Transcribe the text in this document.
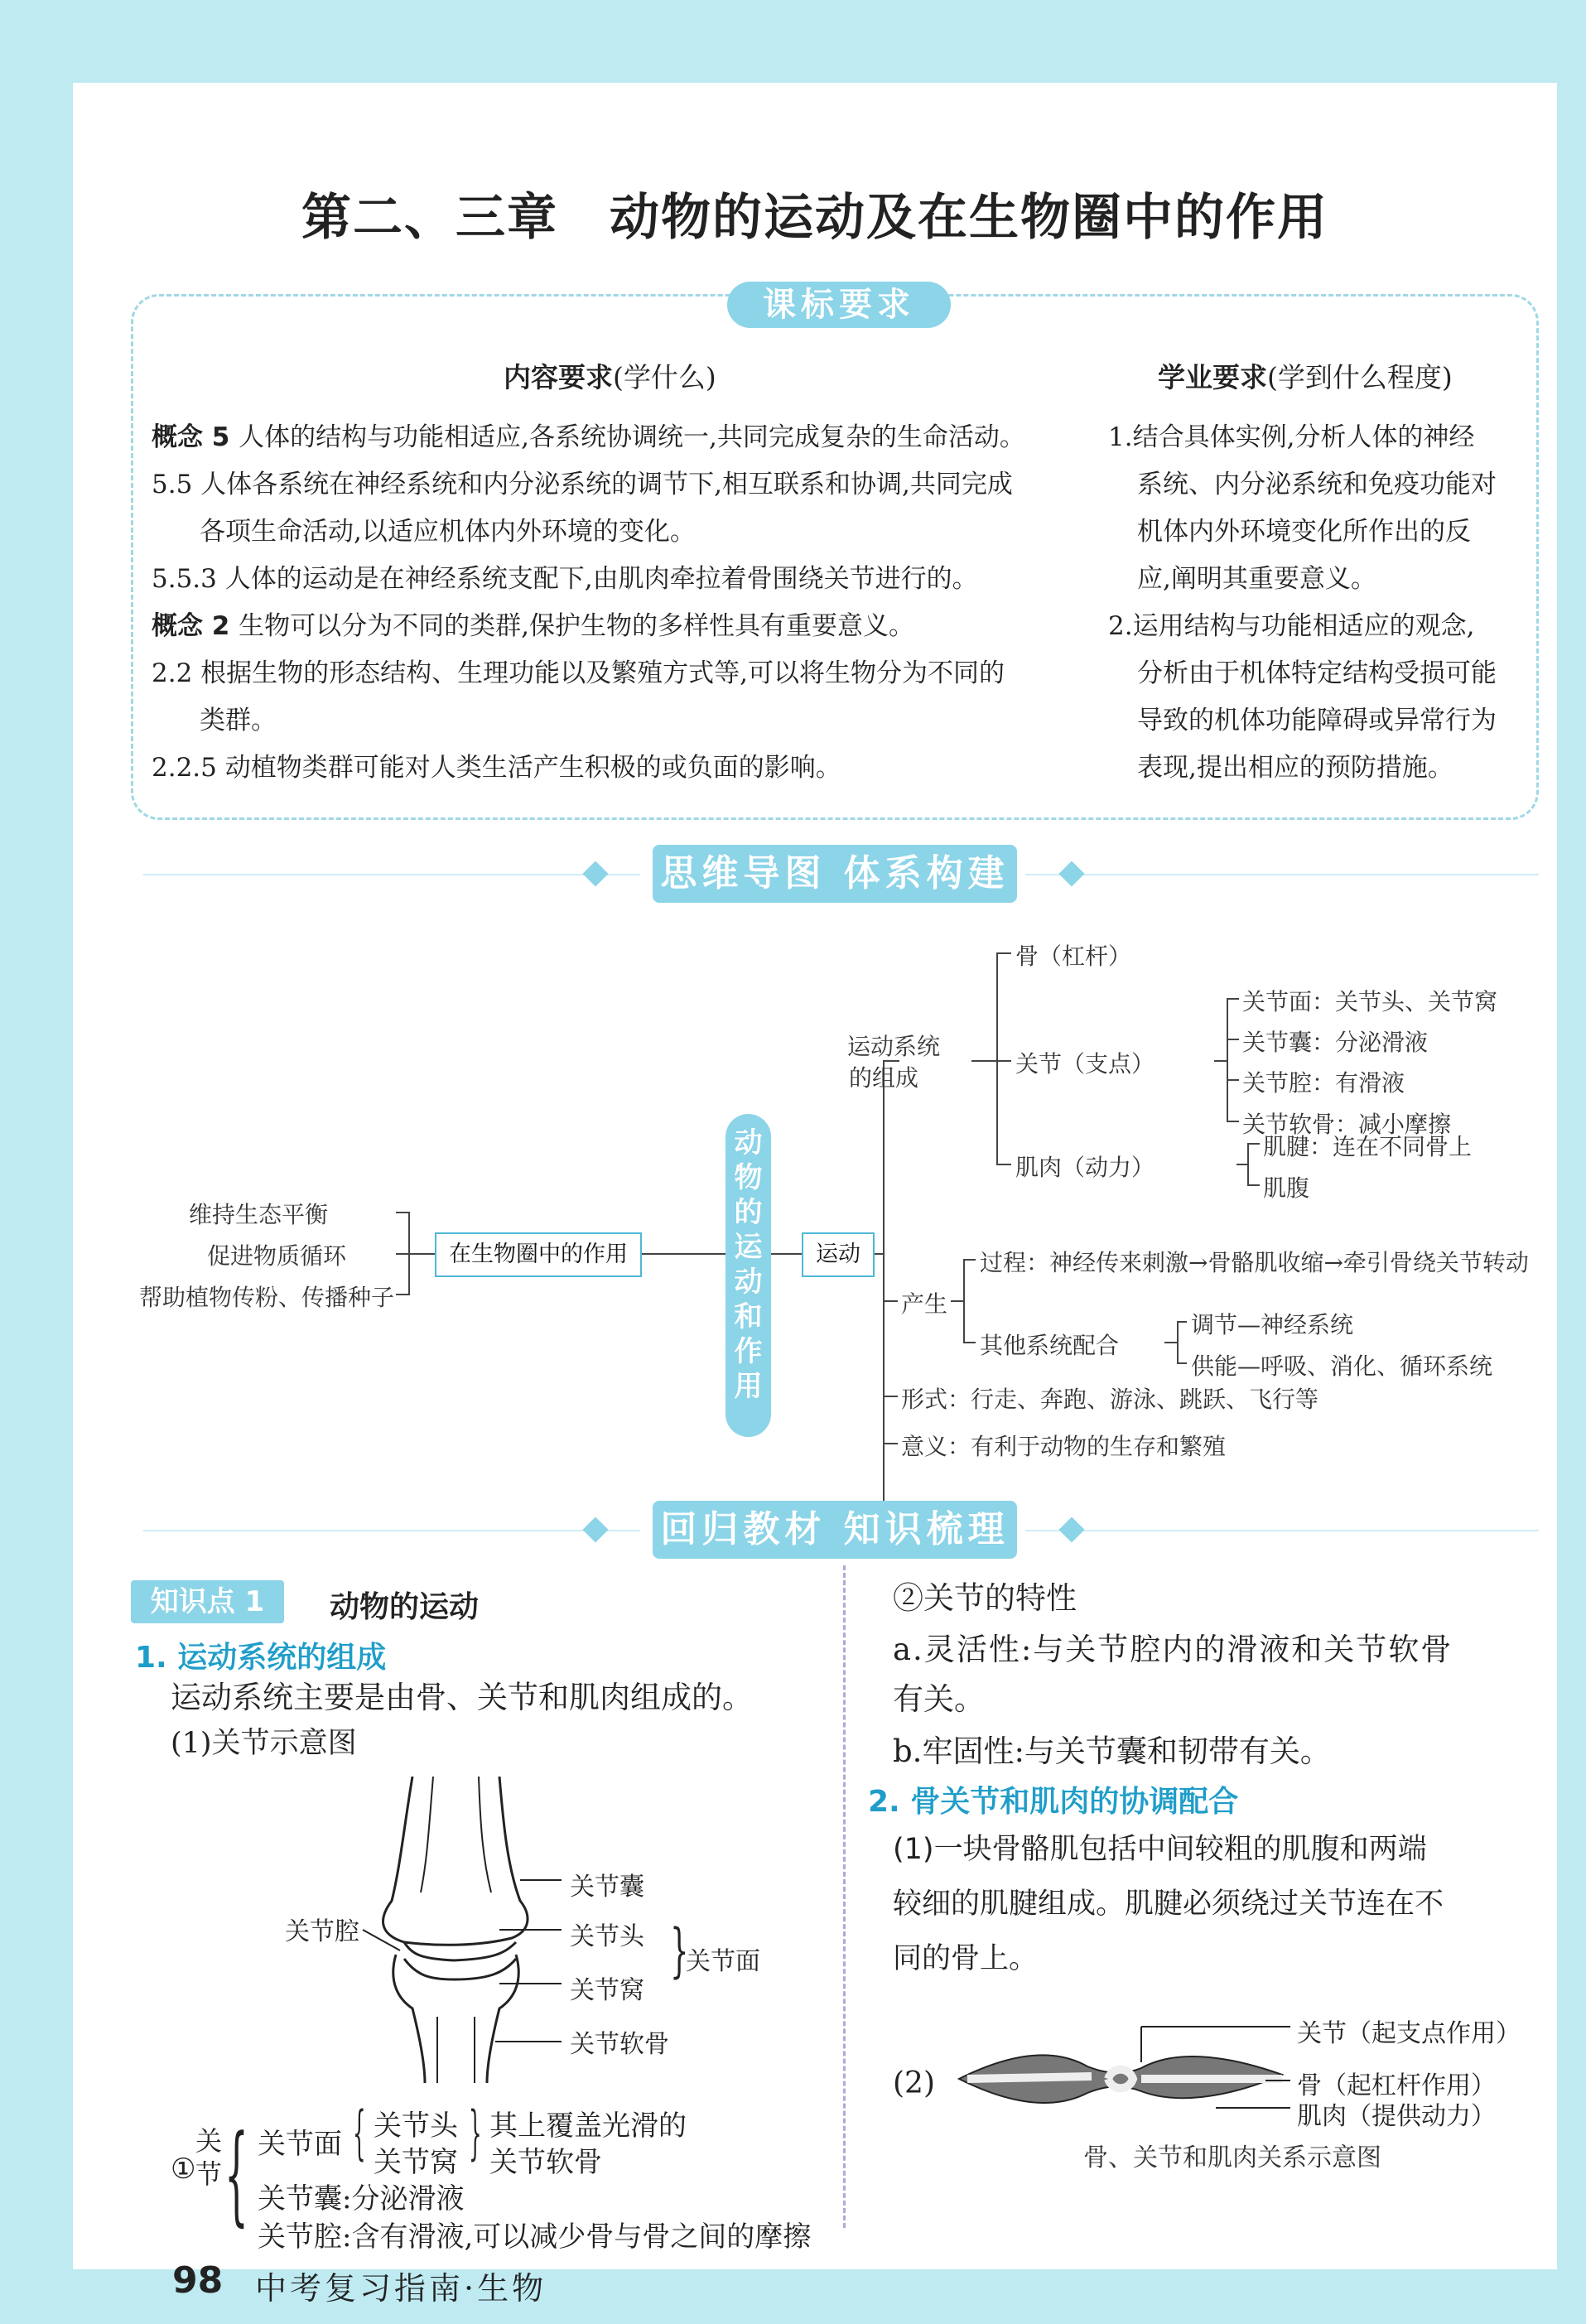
第二、三章　动物的运动及在生物圈中的作用
课标要求
内容要求(学什么)	学业要求(学到什么程度)
概念 5 人体的结构与功能相适应,各系统协调统一,共同完成复杂的生命活动。
5.5 人体各系统在神经系统和内分泌系统的调节下,相互联系和协调,共同完成
各项生命活动,以适应机体内外环境的变化。
5.5.3 人体的运动是在神经系统支配下,由肌肉牵拉着骨围绕关节进行的。
概念 2 生物可以分为不同的类群,保护生物的多样性具有重要意义。
2.2 根据生物的形态结构、生理功能以及繁殖方式等,可以将生物分为不同的
类群。
2.2.5 动植物类群可能对人类生活产生积极的或负面的影响。
1.结合具体实例,分析人体的神经
系统、内分泌系统和免疫功能对
机体内外环境变化所作出的反
应,阐明其重要意义。
2.运用结构与功能相适应的观念,
分析由于机体特定结构受损可能
导致的机体功能障碍或异常行为
表现,提出相应的预防措施。
思维导图 体系构建
动物的运动和作用
维持生态平衡
促进物质循环
帮助植物传粉、传播种子
在生物圈中的作用	运动
运动系统
的组成
骨（杠杆）
关节（支点）
关节面：关节头、关节窝
关节囊：分泌滑液
关节腔：有滑液
关节软骨：减小摩擦
肌肉（动力）
肌腱：连在不同骨上
肌腹
产生
过程：神经传来刺激→骨骼肌收缩→牵引骨绕关节转动
其他系统配合
调节—神经系统
供能—呼吸、消化、循环系统
形式：行走、奔跑、游泳、跳跃、飞行等
意义：有利于动物的生存和繁殖
回归教材 知识梳理
知识点 1	动物的运动
1. 运动系统的组成
运动系统主要是由骨、关节和肌肉组成的。
(1)关节示意图
关节囊
关节腔	关节头
关节窝
}
关节面
关节软骨
①
关
节 { 关节面 { 关节头
关节窝 } 其上覆盖光滑的
关节软骨
关节囊:分泌滑液
关节腔:含有滑液,可以减少骨与骨之间的摩擦
②关节的特性
a.灵活性:与关节腔内的滑液和关节软骨
有关。
b.牢固性:与关节囊和韧带有关。
2. 骨关节和肌肉的协调配合
(1)一块骨骼肌包括中间较粗的肌腹和两端
较细的肌腱组成。肌腱必须绕过关节连在不
同的骨上。
(2)
关节（起支点作用）
骨（起杠杆作用）
肌肉（提供动力）
骨、关节和肌肉关系示意图
98 中考复习指南·生物
